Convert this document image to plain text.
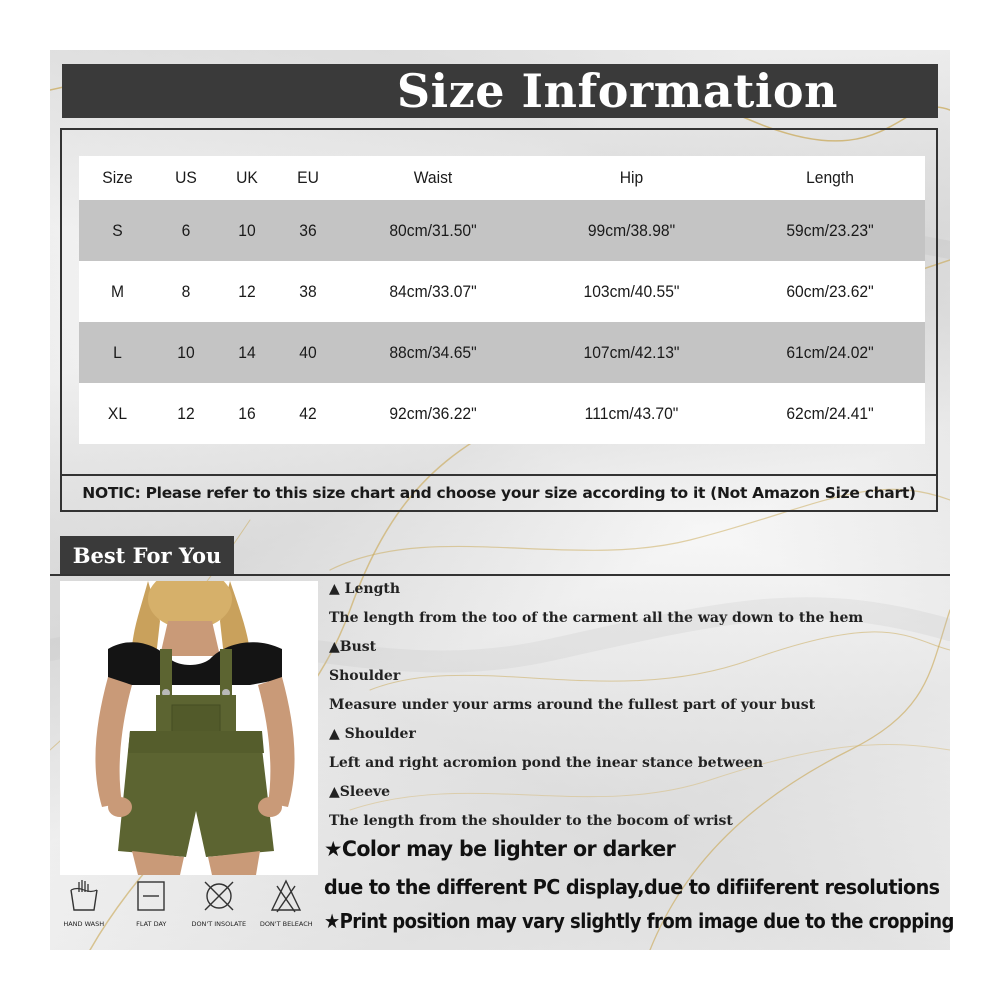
Size Information
Size	US	UK	EU	Waist	Hip	Length
S	6	10	36	80cm/31.50"	99cm/38.98"	59cm/23.23"
M	8	12	38	84cm/33.07"	103cm/40.55"	60cm/23.62"
L	10	14	40	88cm/34.65"	107cm/42.13"	61cm/24.02"
XL	12	16	42	92cm/36.22"	111cm/43.70"	62cm/24.41"
NOTIC: Please refer to this size chart and choose your size according to it (Not Amazon Size chart)
Best For You
HAND WASH	FLAT DAY	DON'T INSOLATE DON'T BELEACH

▲ Length

The length from the too of the carment all the way down to the hem

▲Bust

Shoulder

Measure under your arms around the fullest part of your bust

▲ Shoulder

Left and right acromion pond the inear stance between

▲Sleeve

The length from the shoulder to the bocom of wrist

★Color may be lighter or darker

due to the different PC display,due to difiiferent resolutions

★Print position may vary slightly from image due to the cropping
